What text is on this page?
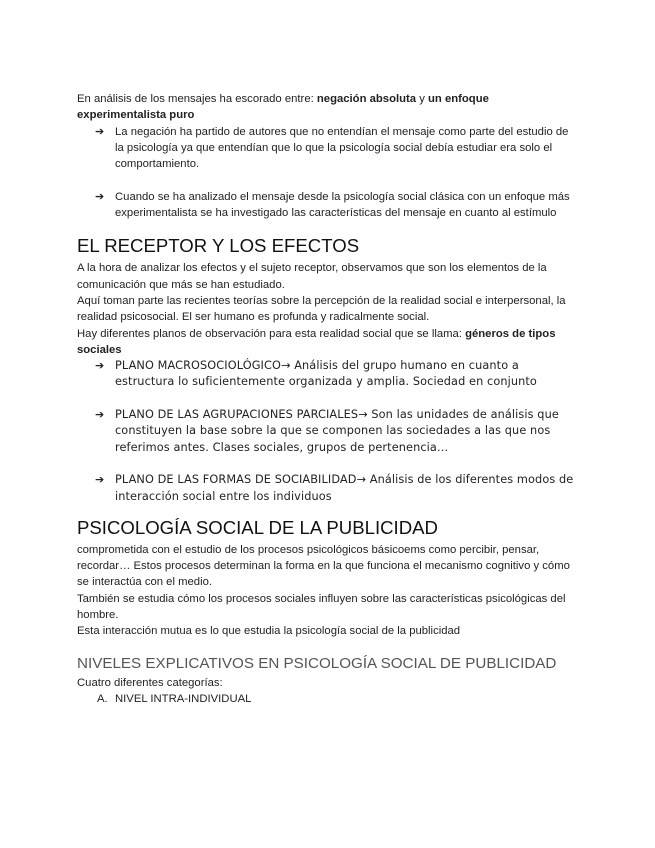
En análisis de los mensajes ha escorado entre: negación absoluta y un enfoque experimentalista puro

➔ La negación ha partido de autores que no entendían el mensaje como parte del estudio de la psicología ya que entendían que lo que la psicología social debía estudiar era solo el comportamiento.
➔ Cuando se ha analizado el mensaje desde la psicología social clásica con un enfoque más experimentalista se ha investigado las características del mensaje en cuanto al estímulo
EL RECEPTOR Y LOS EFECTOS

A la hora de analizar los efectos y el sujeto receptor, observamos que son los elementos de la comunicación que más se han estudiado.

Aquí toman parte las recientes teorías sobre la percepción de la realidad social e interpersonal, la realidad psicosocial. El ser humano es profunda y radicalmente social.

Hay diferentes planos de observación para esta realidad social que se llama: géneros de tipos sociales

➔ PLANO MACROSOCIOLÓGICO→ Análisis del grupo humano en cuanto a estructura lo suficientemente organizada y amplia. Sociedad en conjunto
➔ PLANO DE LAS AGRUPACIONES PARCIALES→ Son las unidades de análisis que constituyen la base sobre la que se componen las sociedades a las que nos referimos antes. Clases sociales, grupos de pertenencia…
➔ PLANO DE LAS FORMAS DE SOCIABILIDAD→ Análisis de los diferentes modos de interacción social entre los individuos
PSICOLOGÍA SOCIAL DE LA PUBLICIDAD

comprometida con el estudio de los procesos psicológicos básicoems como percibir, pensar, recordar… Estos procesos determinan la forma en la que funciona el mecanismo cognitivo y cómo se interactúa con el medio.

También se estudia cómo los procesos sociales influyen sobre las características psicológicas del hombre.

Esta interacción mutua es lo que estudia la psicología social de la publicidad

NIVELES EXPLICATIVOS EN PSICOLOGÍA SOCIAL DE PUBLICIDAD

Cuatro diferentes categorías:

A. NIVEL INTRA-INDIVIDUAL
